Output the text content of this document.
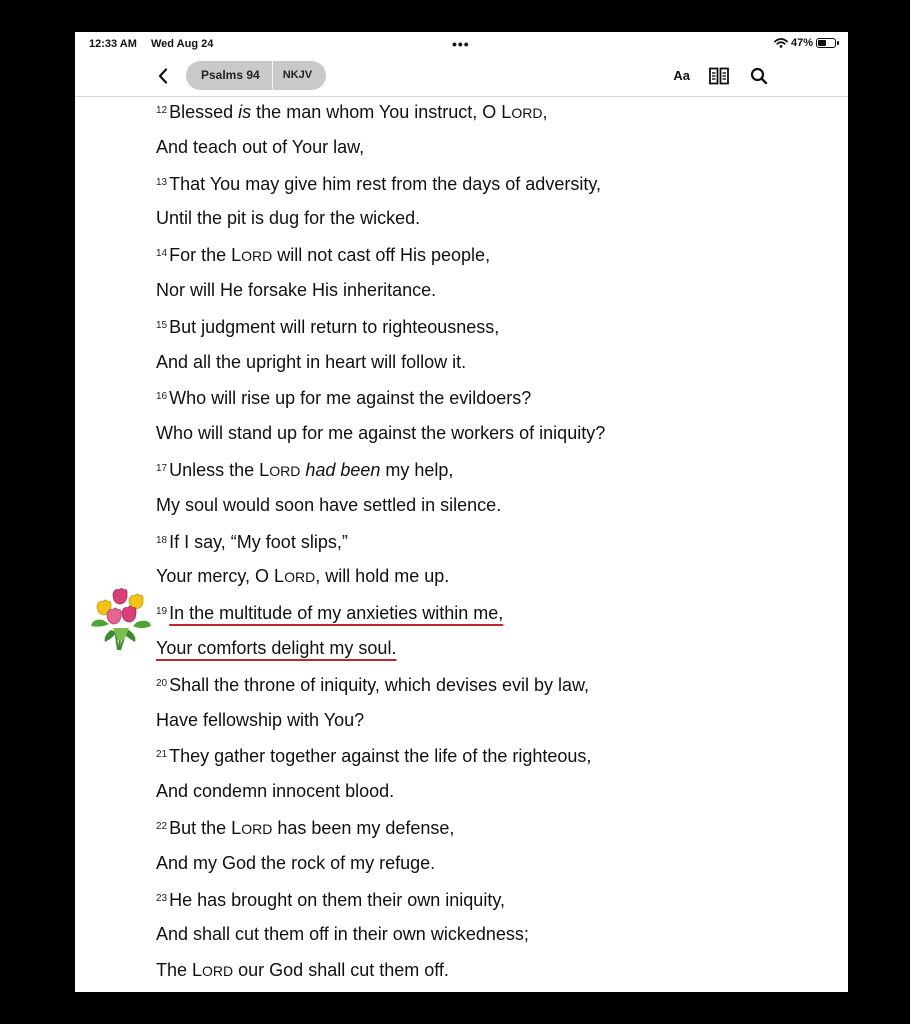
12:33 AM Wed Aug 24	•••	47%
Psalms 94	NKJV	Aa
$^{12}$ Blessed is the man whom You instruct, O LORD,
And teach out of Your law,
$^{13}$ That You may give him rest from the days of adversity,
Until the pit is dug for the wicked.
$^{14}$ For the LORD will not cast off His people,
Nor will He forsake His inheritance.
$^{15}$ But judgment will return to righteousness,
And all the upright in heart will follow it.
$^{16}$ Who will rise up for me against the evildoers?
Who will stand up for me against the workers of iniquity?
$^{17}$ Unless the LORD had been my help,
My soul would soon have settled in silence.
$^{18}$ If I say, “My foot slips,”
Your mercy, O LORD, will hold me up.
$^{19}$ In the multitude of my anxieties within me,
Your comforts delight my soul.
$^{20}$ Shall the throne of iniquity, which devises evil by law,
Have fellowship with You?
$^{21}$ They gather together against the life of the righteous,
And condemn innocent blood.
$^{22}$ But the LORD has been my defense,
And my God the rock of my refuge.
$^{23}$ He has brought on them their own iniquity,
And shall cut them off in their own wickedness;
The LORD our God shall cut them off.
